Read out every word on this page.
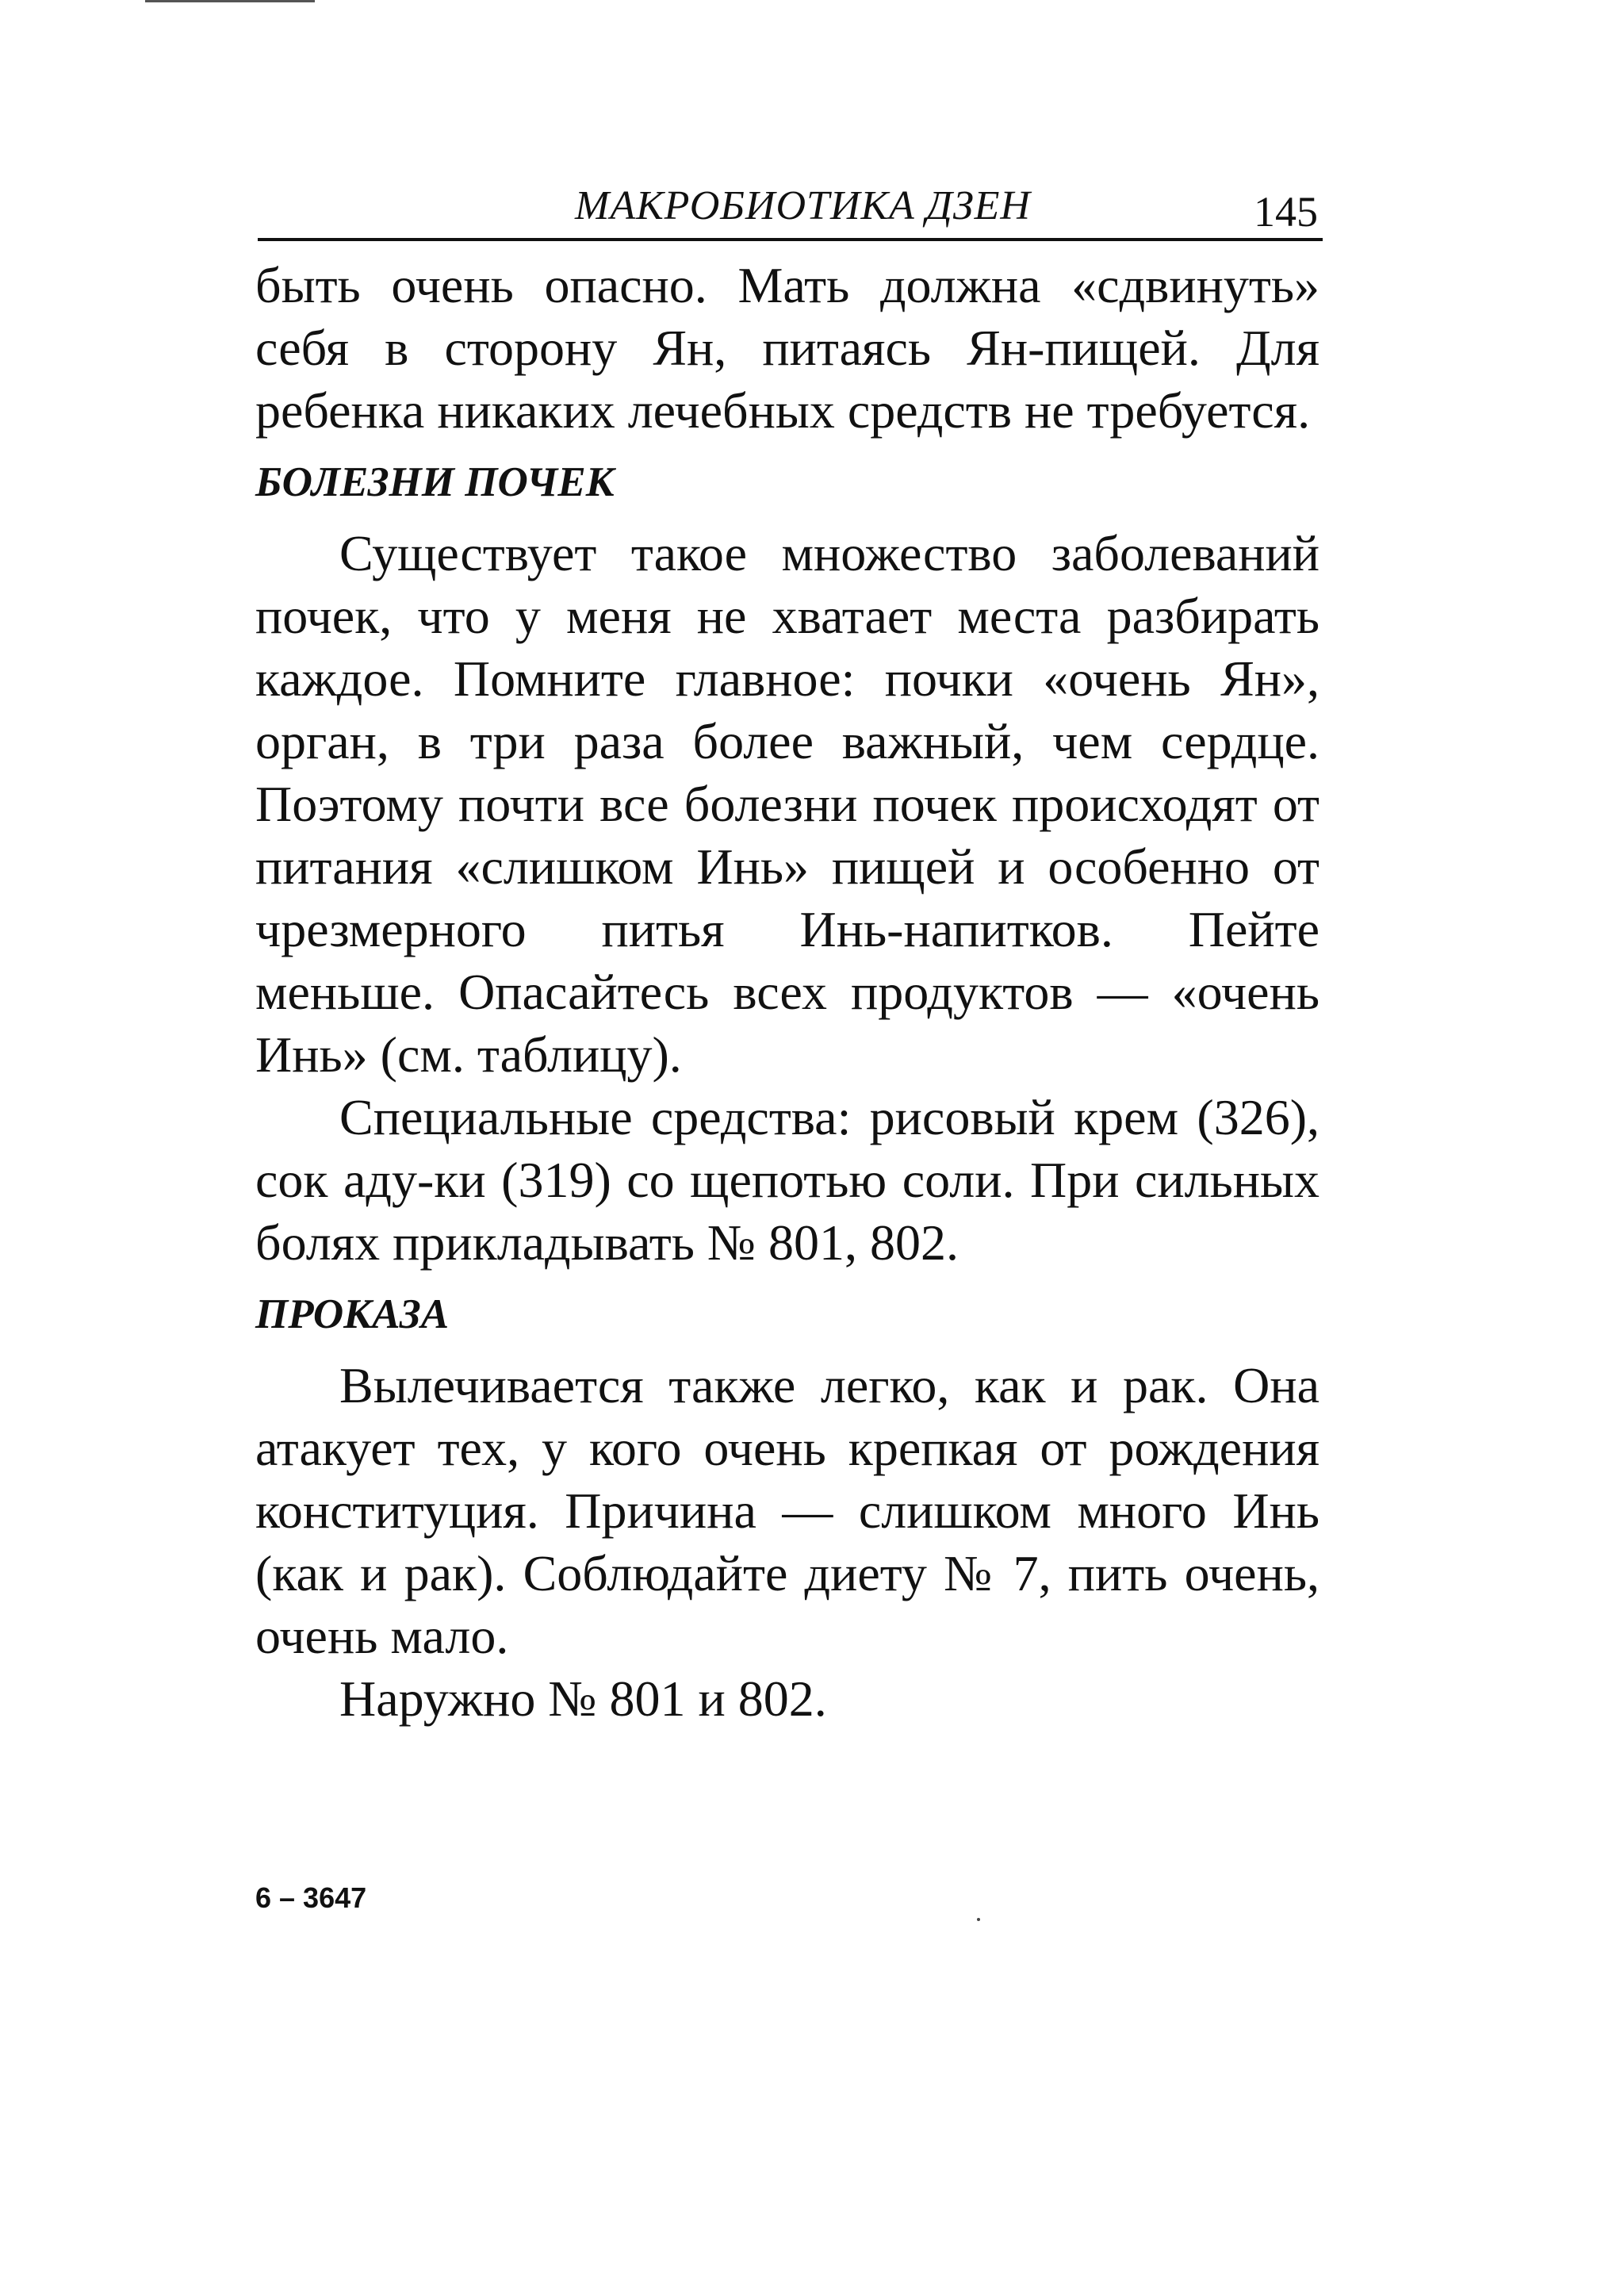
МАКРОБИОТИКА ДЗЕН	145

быть очень опасно. Мать должна «сдвинуть» себя в сторону Ян, питаясь Ян-пищей. Для ребенка никаких лечебных средств не требуется.

БОЛЕЗНИ ПОЧЕК

Существует такое множество заболеваний почек, что у меня не хватает места разбирать каждое. Помните главное: почки «очень Ян», орган, в три раза более важный, чем сердце. Поэтому почти все болезни почек происходят от питания «слишком Инь» пищей и особенно от чрезмерного питья Инь-напитков. Пейте меньше. Опасайтесь всех продуктов — «очень Инь» (см. таблицу).

Специальные средства: рисовый крем (326), сок аду-ки (319) со щепотью соли. При сильных болях прикладывать № 801, 802.

ПРОКАЗА

Вылечивается также легко, как и рак. Она атакует тех, у кого очень крепкая от рождения конституция. Причина — слишком много Инь (как и рак). Соблюдайте диету № 7, пить очень, очень мало.

Наружно № 801 и 802.

6 – 3647
